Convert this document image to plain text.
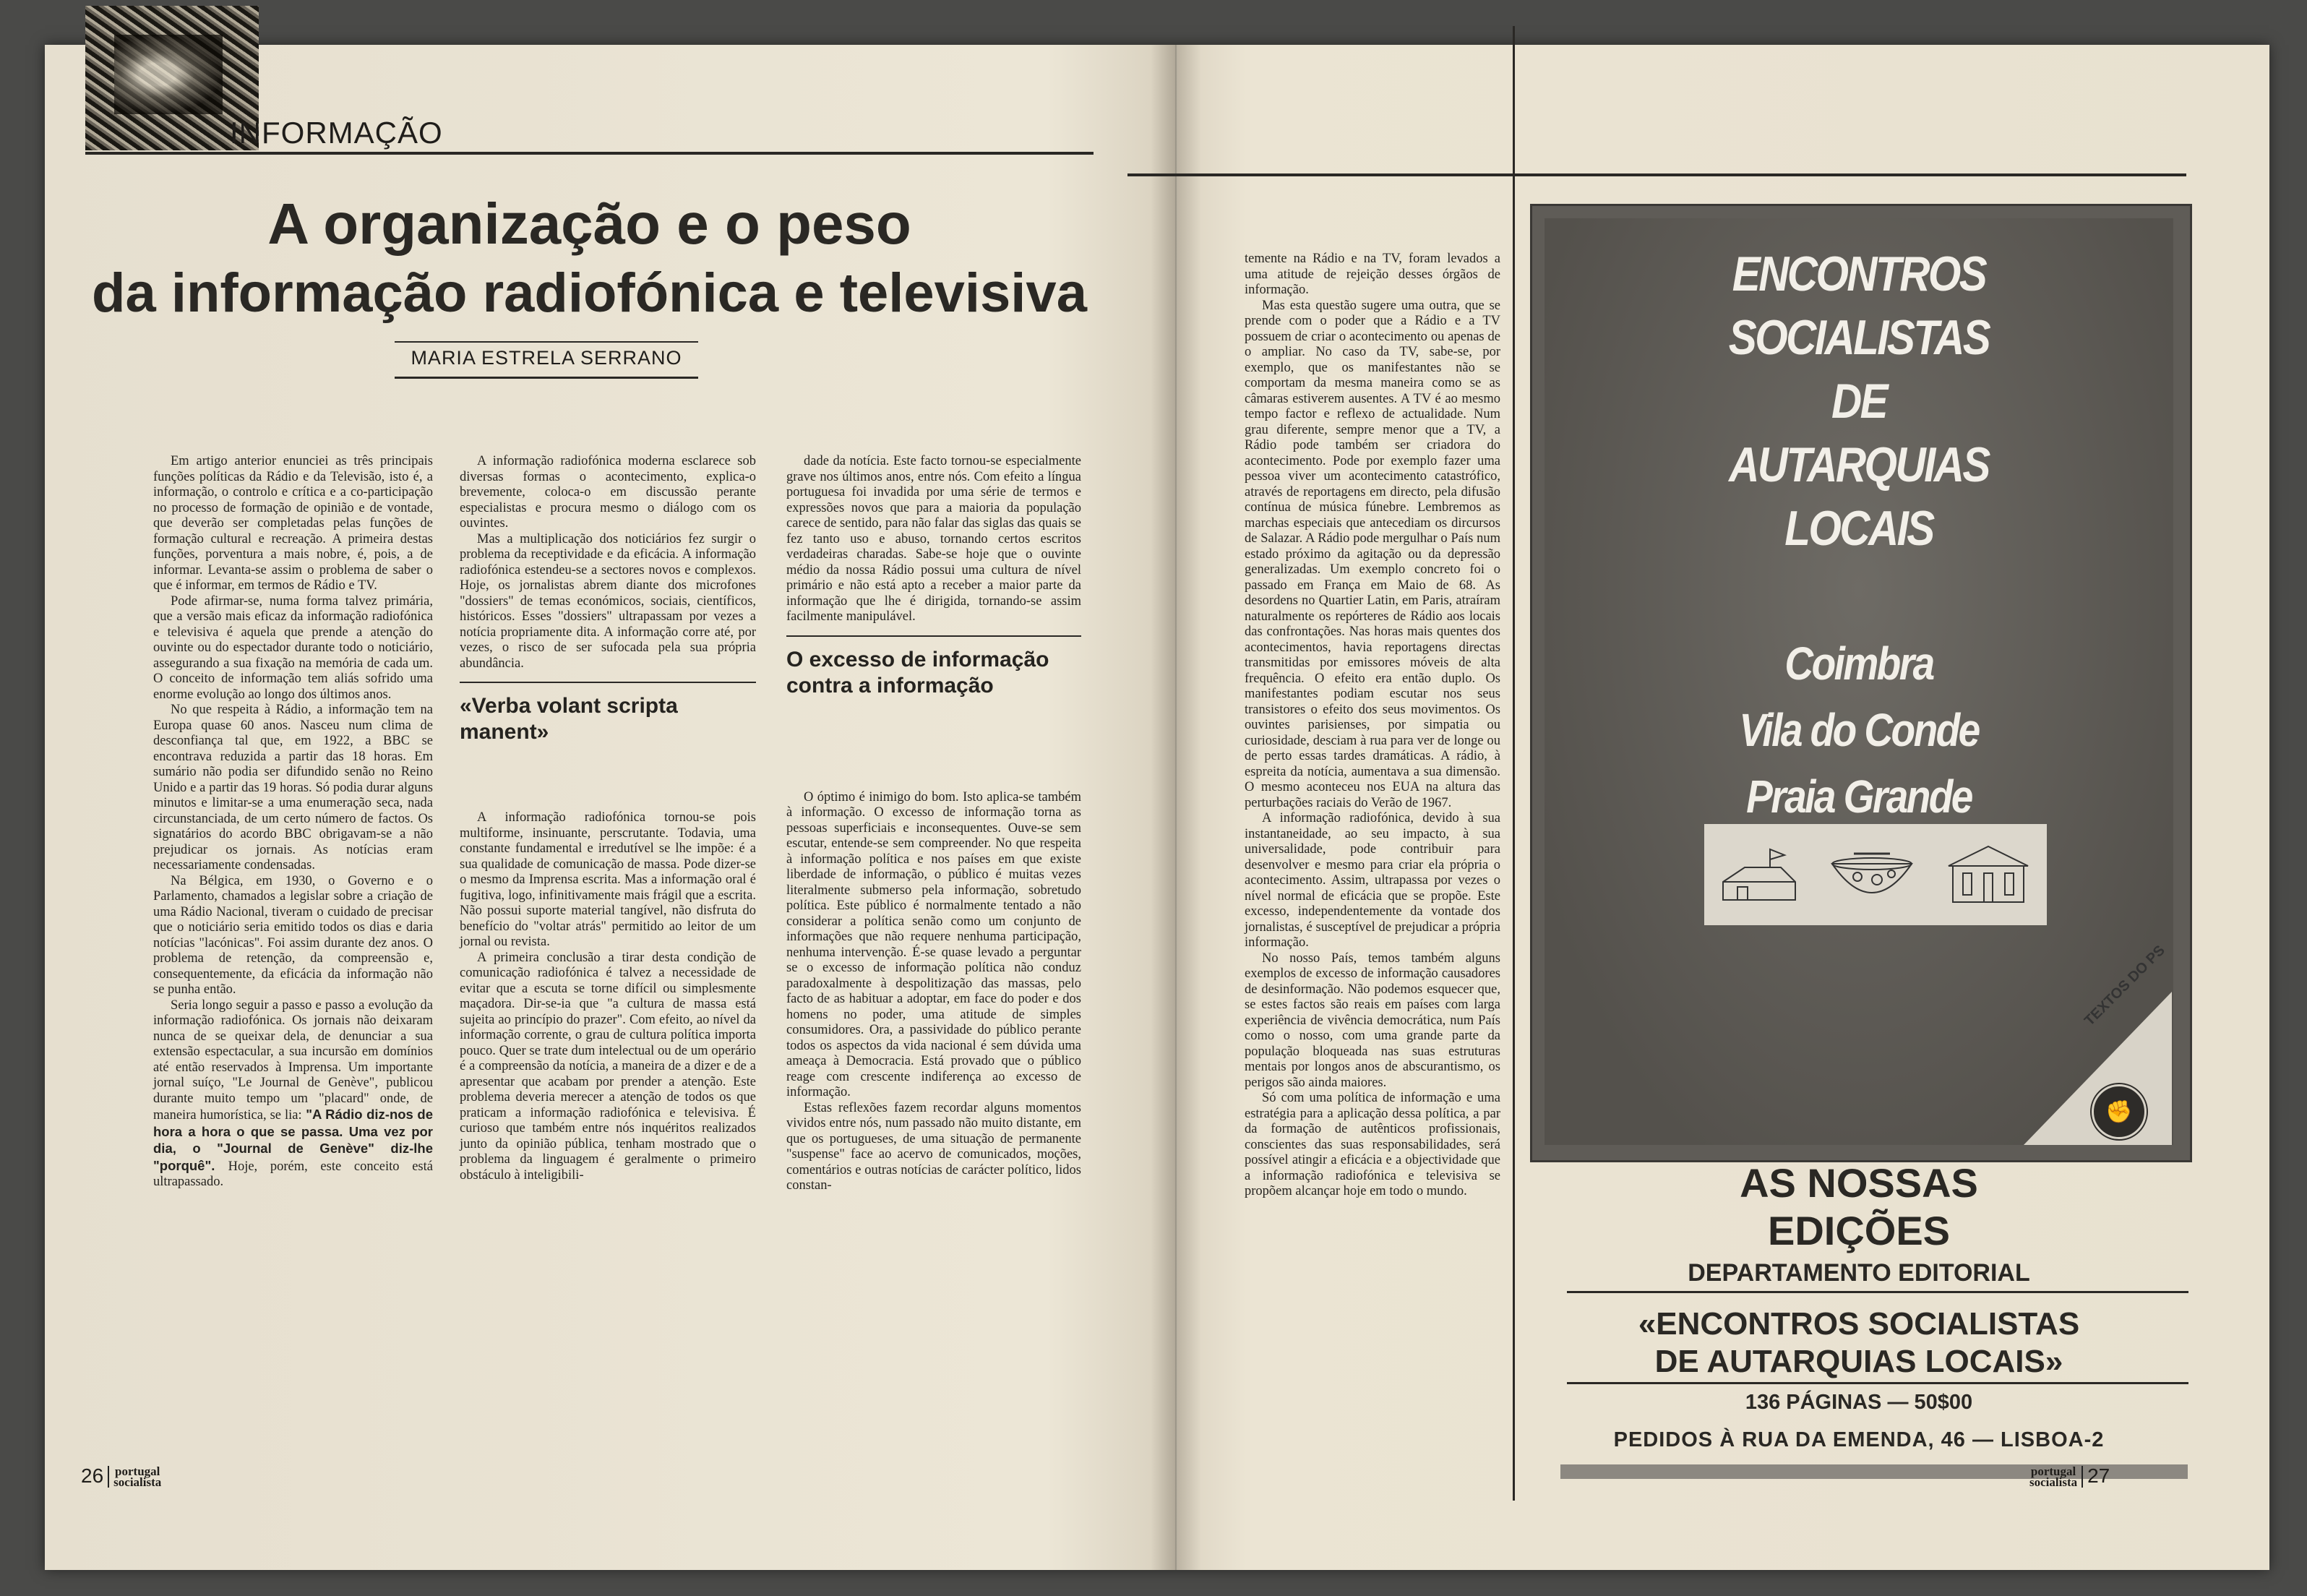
INFORMAÇÃO
A organização e o peso
da informação radiofónica e televisiva
MARIA ESTRELA SERRANO

Em artigo anterior enunciei as três principais funções políticas da Rádio e da Televisão, isto é, a informação, o controlo e crítica e a co-participação no processo de formação de opinião e de vontade, que deverão ser completadas pelas funções de formação cultural e recreação. A primeira destas funções, porventura a mais nobre, é, pois, a de informar. Levanta-se assim o problema de saber o que é informar, em termos de Rádio e TV.

Pode afirmar-se, numa forma talvez primária, que a versão mais eficaz da informação radiofónica e televisiva é aquela que prende a atenção do ouvinte ou do espectador durante todo o noticiário, assegurando a sua fixação na memória de cada um. O conceito de informação tem aliás sofrido uma enorme evolução ao longo dos últimos anos.

No que respeita à Rádio, a informação tem na Europa quase 60 anos. Nasceu num clima de desconfiança tal que, em 1922, a BBC se encontrava reduzida a partir das 18 horas. Em sumário não podia ser difundido senão no Reino Unido e a partir das 19 horas. Só podia durar alguns minutos e limitar-se a uma enumeração seca, nada circunstanciada, de um certo número de factos. Os signatários do acordo BBC obrigavam-se a não prejudicar os jornais. As notícias eram necessariamente condensadas.

Na Bélgica, em 1930, o Governo e o Parlamento, chamados a legislar sobre a criação de uma Rádio Nacional, tiveram o cuidado de precisar que o noticiário seria emitido todos os dias e daria notícias "lacónicas". Foi assim durante dez anos. O problema de retenção, da compreensão e, consequentemente, da eficácia da informação não se punha então.

Seria longo seguir a passo e passo a evolução da informação radiofónica. Os jornais não deixaram nunca de se queixar dela, de denunciar a sua extensão espectacular, a sua incursão em domínios até então reservados à Imprensa. Um importante jornal suíço, "Le Journal de Genève", publicou durante muito tempo um "placard" onde, de maneira humorística, se lia: "A Rádio diz-nos de hora a hora o que se passa. Uma vez por dia, o "Journal de Genève" diz-lhe "porquê". Hoje, porém, este conceito está ultrapassado.

A informação radiofónica moderna esclarece sob diversas formas o acontecimento, explica-o brevemente, coloca-o em discussão perante especialistas e procura mesmo o diálogo com os ouvintes.

Mas a multiplicação dos noticiários fez surgir o problema da receptividade e da eficácia. A informação radiofónica estendeu-se a sectores novos e complexos. Hoje, os jornalistas abrem diante dos microfones "dossiers" de temas económicos, sociais, científicos, históricos. Esses "dossiers" ultrapassam por vezes a notícia propriamente dita. A informação corre até, por vezes, o risco de ser sufocada pela sua própria abundância.

«Verba volant scripta manent»

A informação radiofónica tornou-se pois multiforme, insinuante, perscrutante. Todavia, uma constante fundamental e irredutível se lhe impõe: é a sua qualidade de comunicação de massa. Pode dizer-se o mesmo da Imprensa escrita. Mas a informação oral é fugitiva, logo, infinitivamente mais frágil que a escrita. Não possui suporte material tangível, não disfruta do benefício do "voltar atrás" permitido ao leitor de um jornal ou revista.

A primeira conclusão a tirar desta condição de comunicação radiofónica é talvez a necessidade de evitar que a escuta se torne difícil ou simplesmente maçadora. Dir-se-ia que "a cultura de massa está sujeita ao princípio do prazer". Com efeito, ao nível da informação corrente, o grau de cultura política importa pouco. Quer se trate dum intelectual ou de um operário é a compreensão da notícia, a maneira de a dizer e de a apresentar que acabam por prender a atenção. Este problema deveria merecer a atenção de todos os que praticam a informação radiofónica e televisiva. É curioso que também entre nós inquéritos realizados junto da opinião pública, tenham mostrado que o problema da linguagem é geralmente o primeiro obstáculo à inteligibili-

dade da notícia. Este facto tornou-se especialmente grave nos últimos anos, entre nós. Com efeito a língua portuguesa foi invadida por uma série de termos e expressões novos que para a maioria da população carece de sentido, para não falar das siglas das quais se fez tanto uso e abuso, tornando certos escritos verdadeiras charadas. Sabe-se hoje que o ouvinte médio da nossa Rádio possui uma cultura de nível primário e não está apto a receber a maior parte da informação que lhe é dirigida, tornando-se assim facilmente manipulável.

O excesso de informação contra a informação

O óptimo é inimigo do bom. Isto aplica-se também à informação. O excesso de informação torna as pessoas superficiais e inconsequentes. Ouve-se sem escutar, entende-se sem compreender. No que respeita à informação política e nos países em que existe liberdade de informação, o público é muitas vezes literalmente submerso pela informação, sobretudo política. Este público é normalmente tentado a não considerar a política senão como um conjunto de informações que não requere nenhuma participação, nenhuma intervenção. É-se quase levado a perguntar se o excesso de informação política não conduz paradoxalmente à despolitização das massas, pelo facto de as habituar a adoptar, em face do poder e dos homens no poder, uma atitude de simples consumidores. Ora, a passividade do público perante todos os aspectos da vida nacional é sem dúvida uma ameaça à Democracia. Está provado que o público reage com crescente indiferença ao excesso de informação.

Estas reflexões fazem recordar alguns momentos vividos entre nós, num passado não muito distante, em que os portugueses, de uma situação de permanente "suspense" face ao acervo de comunicados, moções, comentários e outras notícias de carácter político, lidos constan-

26 portugal
socialista

temente na Rádio e na TV, foram levados a uma atitude de rejeição desses órgãos de informação.

Mas esta questão sugere uma outra, que se prende com o poder que a Rádio e a TV possuem de criar o acontecimento ou apenas de o ampliar. No caso da TV, sabe-se, por exemplo, que os manifestantes não se comportam da mesma maneira como se as câmaras estiverem ausentes. A TV é ao mesmo tempo factor e reflexo de actualidade. Num grau diferente, sempre menor que a TV, a Rádio pode também ser criadora do acontecimento. Pode por exemplo fazer uma pessoa viver um acontecimento catastrófico, através de reportagens em directo, pela difusão contínua de música fúnebre. Lembremos as marchas especiais que antecediam os dircursos de Salazar. A Rádio pode mergulhar o País num estado próximo da agitação ou da depressão generalizadas. Um exemplo concreto foi o passado em França em Maio de 68. As desordens no Quartier Latin, em Paris, atraíram naturalmente os repórteres de Rádio aos locais das confrontações. Nas horas mais quentes dos acontecimentos, havia reportagens directas transmitidas por emissores móveis de alta frequência. O efeito era então duplo. Os manifestantes podiam escutar nos seus transistores o efeito dos seus movimentos. Os ouvintes parisienses, por simpatia ou curiosidade, desciam à rua para ver de longe ou de perto essas tardes dramáticas. A rádio, à espreita da notícia, aumentava a sua dimensão. O mesmo aconteceu nos EUA na altura das perturbações raciais do Verão de 1967.

A informação radiofónica, devido à sua instantaneidade, ao seu impacto, à sua universalidade, pode contribuir para desenvolver e mesmo para criar ela própria o acontecimento. Assim, ultrapassa por vezes o nível normal de eficácia que se propõe. Este excesso, independentemente da vontade dos jornalistas, é susceptível de prejudicar a própria informação.

No nosso País, temos também alguns exemplos de excesso de informação causadores de desinformação. Não podemos esquecer que, se estes factos são reais em países com larga experiência de vivência democrática, num País como o nosso, com uma grande parte da população bloqueada nas suas estruturas mentais por longos anos de abscurantismo, os perigos são ainda maiores.

Só com uma política de informação e uma estratégia para a aplicação dessa política, a par da formação de autênticos profissionais, conscientes das suas responsabilidades, será possível atingir a eficácia e a objectividade que a informação radiofónica e televisiva se propõem alcançar hoje em todo o mundo.

ENCONTROS
SOCIALISTAS
DE
AUTARQUIAS
LOCAIS
Coimbra
Vila do Conde
Praia Grande
TEXTOS DO PS
✊
AS NOSSAS
EDIÇÕES
DEPARTAMENTO EDITORIAL
«ENCONTROS SOCIALISTAS
DE AUTARQUIAS LOCAIS»
136 PÁGINAS — 50$00
PEDIDOS À RUA DA EMENDA, 46 — LISBOA-2
portugal
socialista 27
